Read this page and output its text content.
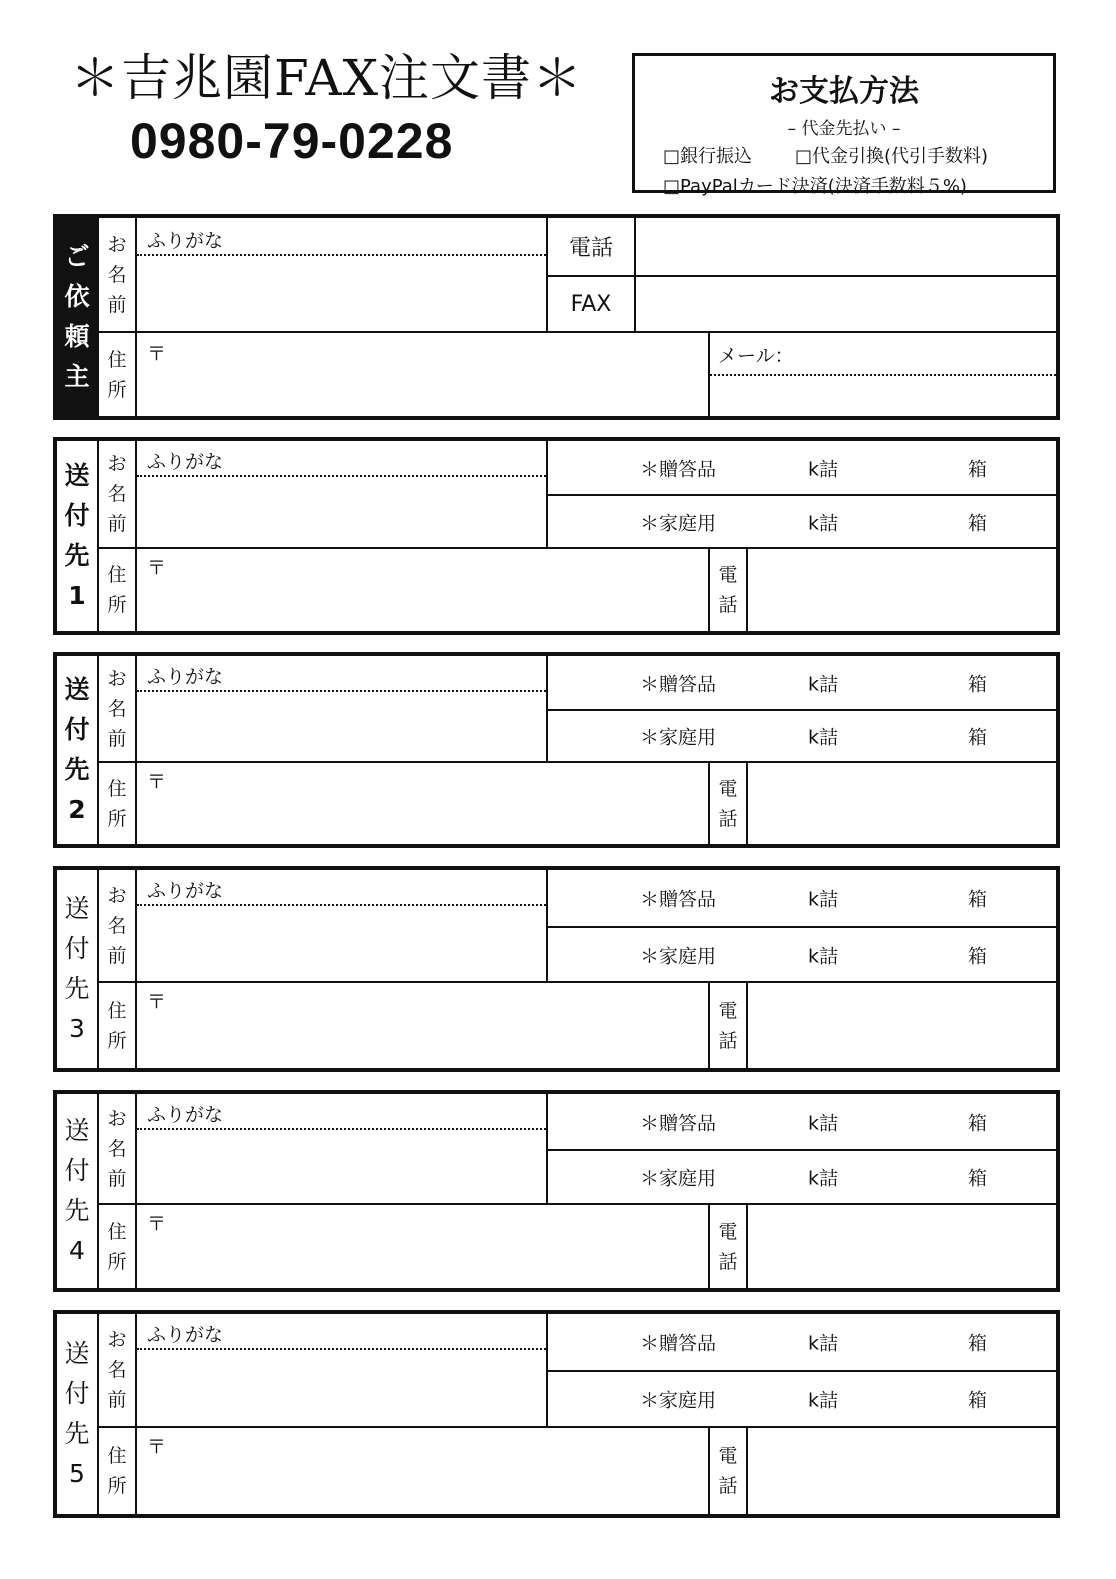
＊吉兆園FAX注文書＊
0980-79-0228
お支払方法
– 代金先払い –
□銀行振込 □代金引換(代引手数料)
□PayPalカード決済(決済手数料５%)
ご
依
頼
主
お
名
前
ふりがな	電話
FAX
住
所
〒	メール：
送
付
先
1
お
名
前
ふりがな	＊贈答品	k詰	箱
＊家庭用	k詰	箱
住
所
〒	電
話
送
付
先
2
お
名
前
ふりがな	＊贈答品	k詰	箱
＊家庭用	k詰	箱
住
所
〒	電
話
送
付
先
3
お
名
前
ふりがな	＊贈答品	k詰	箱
＊家庭用	k詰	箱
住
所
〒	電
話
送
付
先
4
お
名
前
ふりがな	＊贈答品	k詰	箱
＊家庭用	k詰	箱
住
所
〒	電
話
送
付
先
5
お
名
前
ふりがな	＊贈答品	k詰	箱
＊家庭用	k詰	箱
住
所
〒	電
話
